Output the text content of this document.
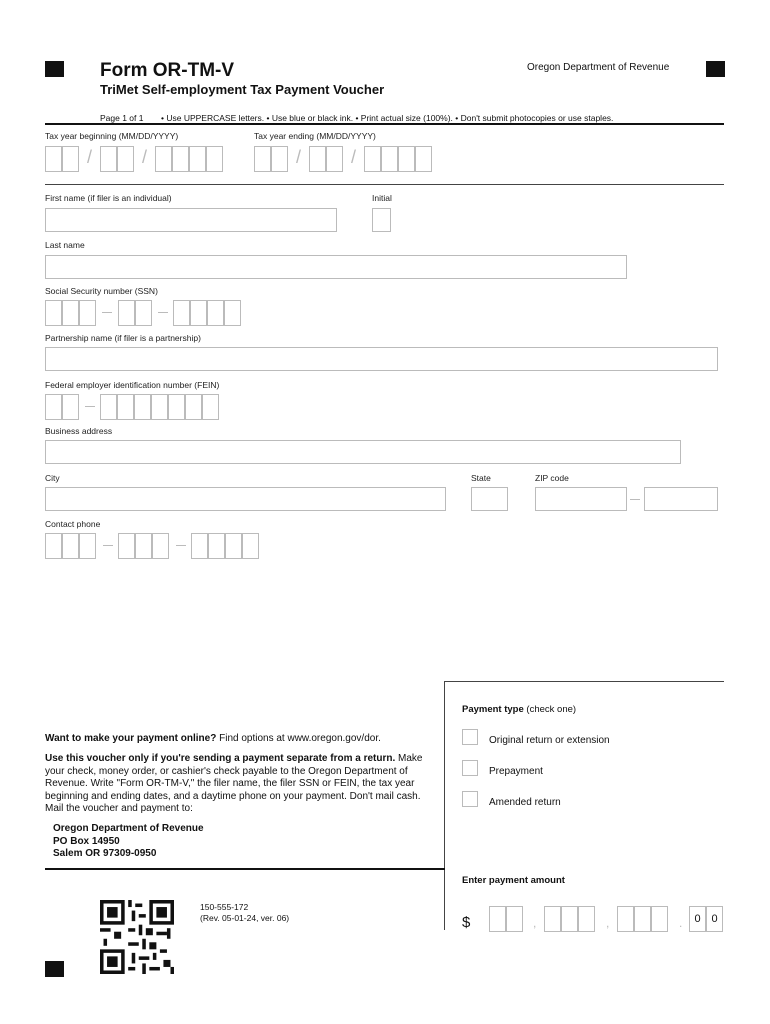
Form OR-TM-V
TriMet Self-employment Tax Payment Voucher
Oregon Department of Revenue
Page 1 of 1 • Use UPPERCASE letters. • Use blue or black ink. • Print actual size (100%). • Don't submit photocopies or use staples.
Tax year beginning (MM/DD/YYYY)	Tax year ending (MM/DD/YYYY)
/	/	/	/
First name (if filer is an individual)	Initial
Last name
Social Security number (SSN)
Partnership name (if filer is a partnership)
Federal employer identification number (FEIN)
Business address
City	State	ZIP code
Contact phone
Payment type (check one)
Original return or extension
Prepayment
Amended return
Enter payment amount
$	,	,	.	0 0
Want to make your payment online? Find options at www.oregon.gov/dor.
Use this voucher only if you're sending a payment separate from a return. Make your check, money order, or cashier's check payable to the Oregon Department of Revenue. Write "Form OR-TM-V," the filer name, the filer SSN or FEIN, the tax year beginning and ending dates, and a daytime phone on your payment. Don't mail cash. Mail the voucher and payment to:
Oregon Department of Revenue
PO Box 14950
Salem OR 97309-0950
150-555-172
(Rev. 05-01-24, ver. 06)
